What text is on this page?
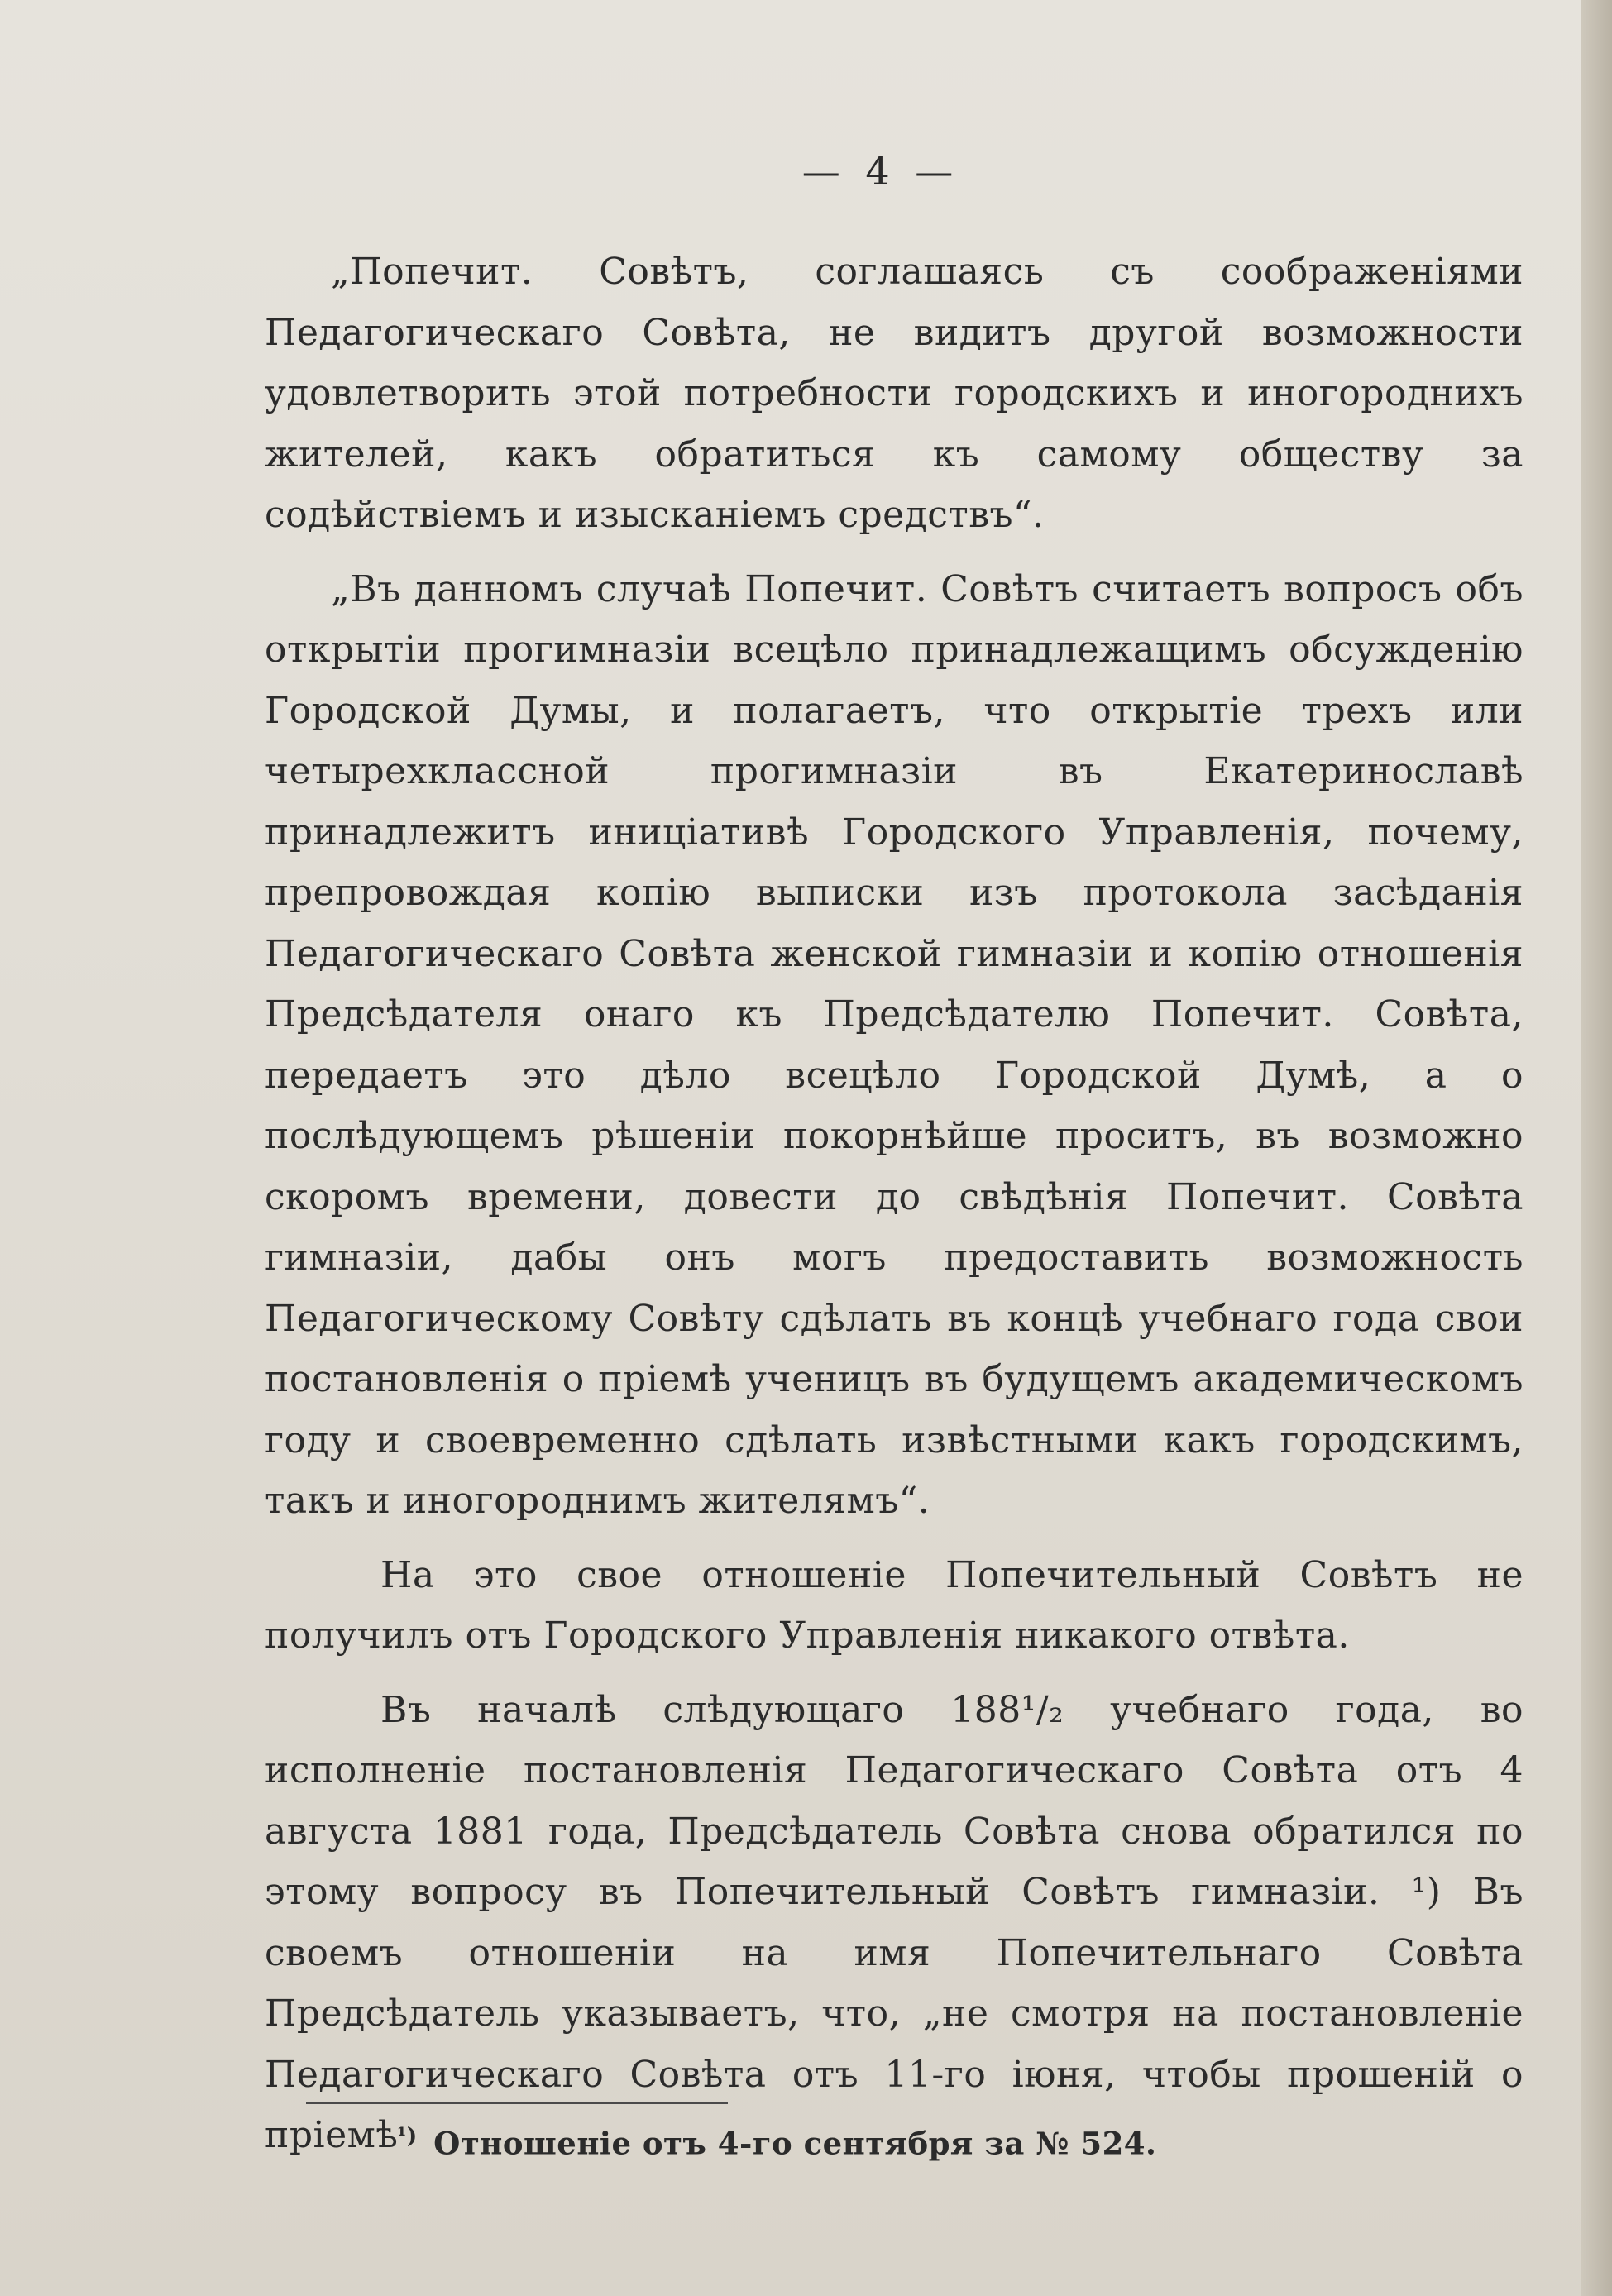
— 4 —

„Попечит. Совѣтъ, соглашаясь съ соображеніями Педагогическаго Совѣта, не видитъ другой возможности удовлетворить этой потребности городскихъ и иногороднихъ жителей, какъ обратиться къ самому обществу за содѣйствіемъ и изысканіемъ средствъ“.

„Въ данномъ случаѣ Попечит. Совѣтъ считаетъ вопросъ объ открытіи прогимназіи всецѣло принадлежащимъ обсужденію Городской Думы, и полагаетъ, что открытіе трехъ или четырехклассной прогимназіи въ Екатеринославѣ принадлежитъ иниціативѣ Городского Управленія, почему, препровождая копію выписки изъ протокола засѣданія Педагогическаго Совѣта женской гимназіи и копію отношенія Предсѣдателя онаго къ Предсѣдателю Попечит. Совѣта, передаетъ это дѣло всецѣло Городской Думѣ, а о послѣдующемъ рѣшеніи покорнѣйше проситъ, въ возможно скоромъ времени, довести до свѣдѣнія Попечит. Совѣта гимназіи, дабы онъ могъ предоставить возможность Педагогическому Совѣту сдѣлать въ концѣ учебнаго года свои постановленія о пріемѣ ученицъ въ будущемъ академическомъ году и своевременно сдѣлать извѣстными какъ городскимъ, такъ и иногороднимъ жителямъ“.

На это свое отношеніе Попечительный Совѣтъ не получилъ отъ Городского Управленія никакого отвѣта.

Въ началѣ слѣдующаго 188¹/₂ учебнаго года, во исполненіе постановленія Педагогическаго Совѣта отъ 4 августа 1881 года, Предсѣдатель Совѣта снова обратился по этому вопросу въ Попечительный Совѣтъ гимназіи. ¹) Въ своемъ отношеніи на имя Попечительнаго Совѣта Предсѣдатель указываетъ, что, „не смотря на постановленіе Педагогическаго Совѣта отъ 11-го іюня, чтобы прошеній о пріемѣ

$^{^1)}$ Отношеніе отъ 4-го сентября за № 524.
